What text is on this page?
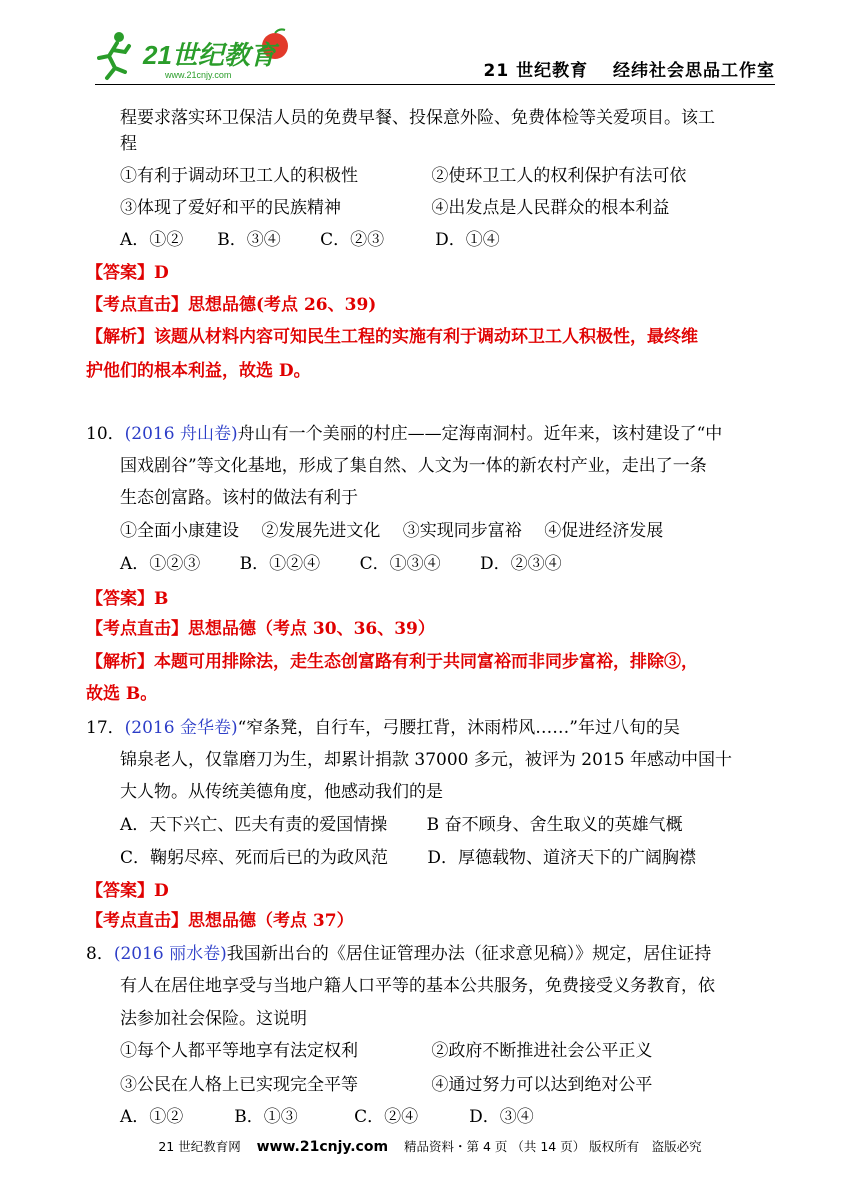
21世纪教育
www.21cnjy.com	21 世纪教育　 经纬社会思品工作室
程要求落实环卫保洁人员的免费早餐、投保意外险、免费体检等关爱项目。该工
程
①有利于调动环卫工人的积极性　　　　 ②使环卫工人的权利保护有法可依
③体现了爱好和平的民族精神　　　　　 ④出发点是人民群众的根本利益
A．①②　　B．③④　　 C．②③　　　D．①④
【答案】D
【考点直击】思想品德(考点 26、39)
【解析】该题从材料内容可知民生工程的实施有利于调动环卫工人积极性，最终维
护他们的根本利益，故选 D。
10．(2016 舟山卷)舟山有一个美丽的村庄——定海南洞村。近年来，该村建设了“中
国戏剧谷”等文化基地，形成了集自然、人文为一体的新农村产业，走出了一条
生态创富路。该村的做法有利于
①全面小康建设　 ②发展先进文化　 ③实现同步富裕　 ④促进经济发展
A．①②③　　 B．①②④　　 C．①③④　　 D．②③④
【答案】B
【考点直击】思想品德（考点 30、36、39）
【解析】本题可用排除法，走生态创富路有利于共同富裕而非同步富裕，排除③，
故选 B。
17．(2016 金华卷)“窄条凳，自行车，弓腰扛背，沐雨栉风……”年过八旬的吴
锦泉老人，仅靠磨刀为生，却累计捐款 37000 多元，被评为 2015 年感动中国十
大人物。从传统美德角度，他感动我们的是
A．天下兴亡、匹夫有责的爱国情操　　 B 奋不顾身、舍生取义的英雄气概
C．鞠躬尽瘁、死而后已的为政风范　　 D．厚德载物、道济天下的广阔胸襟
【答案】D
【考点直击】思想品德（考点 37）
8．(2016 丽水卷)我国新出台的《居住证管理办法（征求意见稿）》规定，居住证持
有人在居住地享受与当地户籍人口平等的基本公共服务，免费接受义务教育，依
法参加社会保险。这说明
①每个人都平等地享有法定权利　　　　 ②政府不断推进社会公平正义
③公民在人格上已实现完全平等　　　　 ④通过努力可以达到绝对公平
A．①②　　　B．①③　　　 C．②④　　　D．③④
21 世纪教育网 www.21cnjy.com 精品资料・第 4 页 （共 14 页） 版权所有　盗版必究
